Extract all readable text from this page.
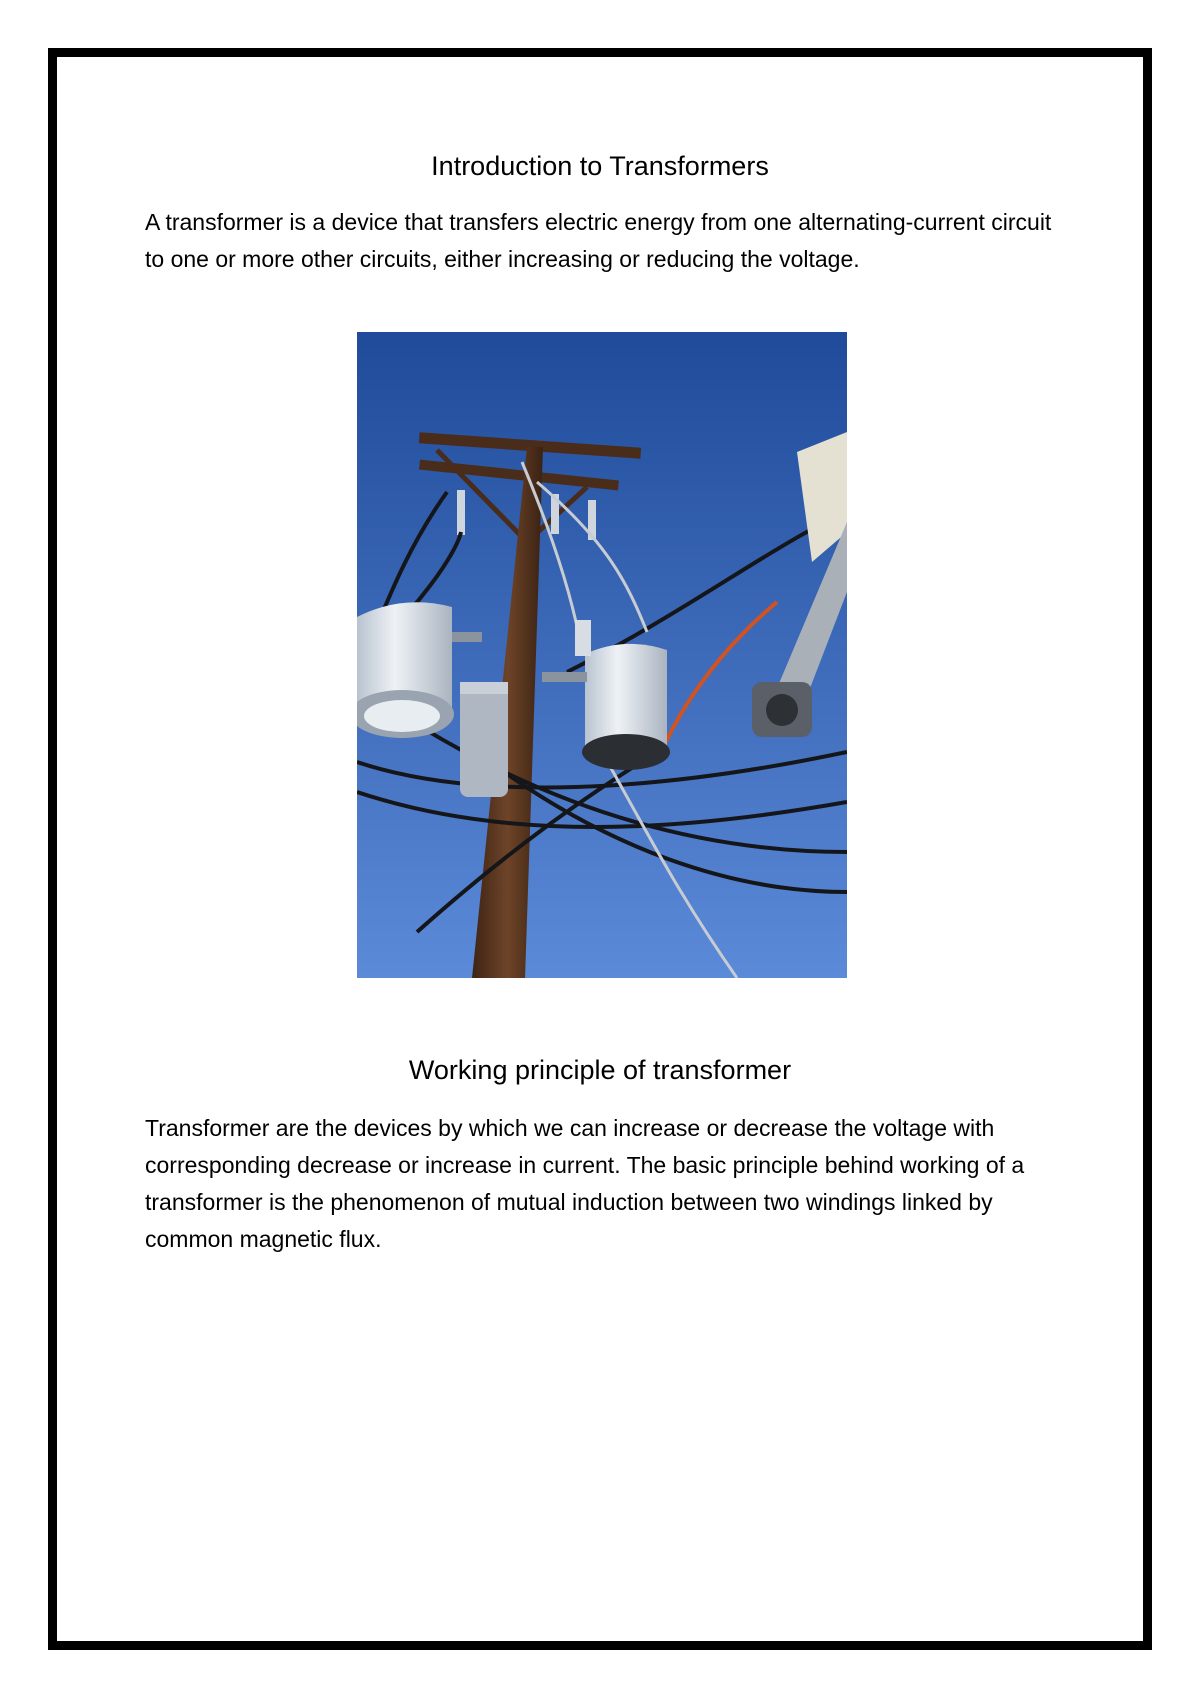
Introduction to Transformers

A transformer is a device that transfers electric energy from one alternating-current circuit to one or more other circuits, either increasing or reducing the voltage.

Working principle of transformer

Transformer are the devices by which we can increase or decrease the voltage with corresponding decrease or increase in current. The basic principle behind working of a transformer is the phenomenon of mutual induction between two windings linked by common magnetic flux.
